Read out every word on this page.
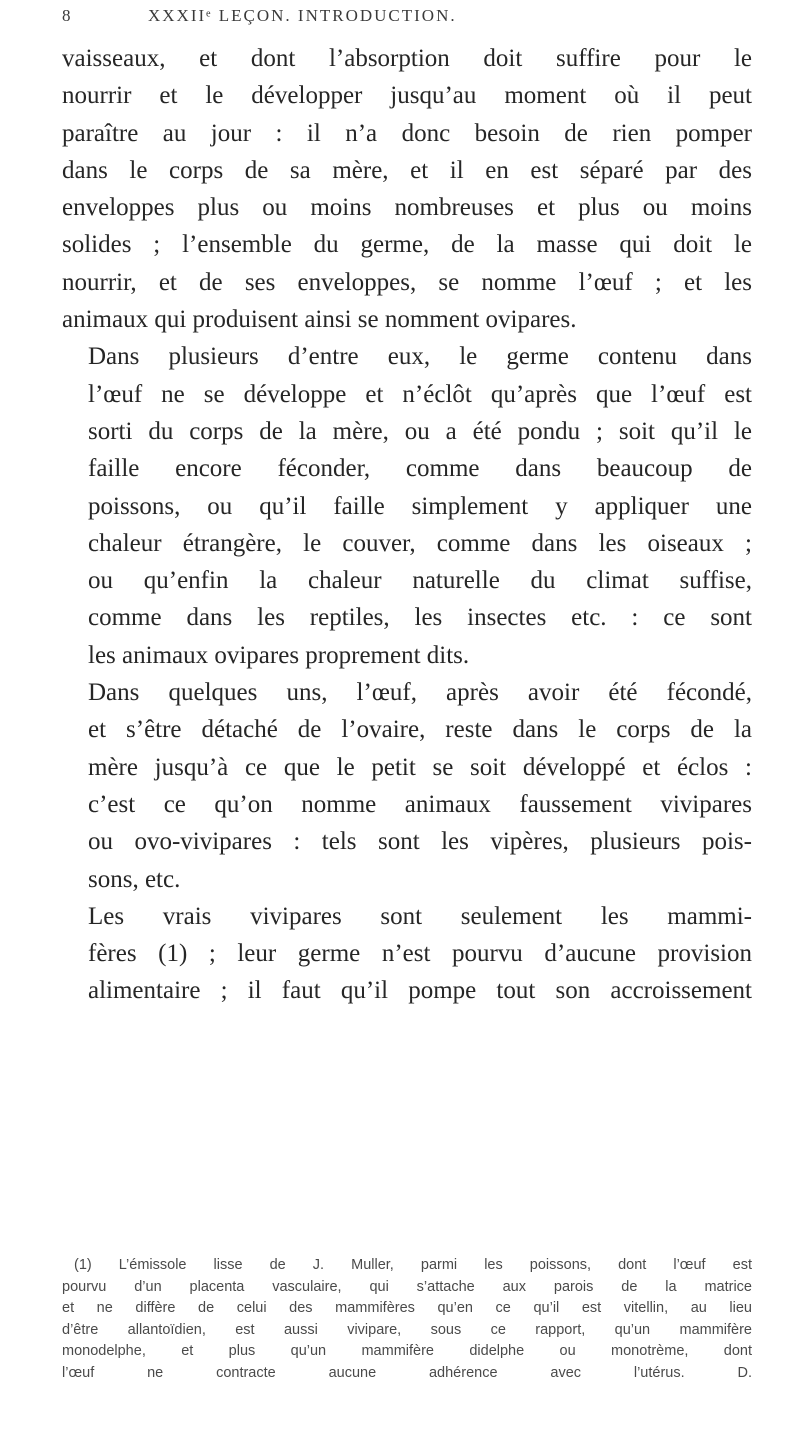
8	XXXIIᵉ LEÇON. INTRODUCTION.

vaisseaux, et dont l’absorption doit suffire pour le
nourrir et le développer jusqu’au moment où il peut
paraître au jour : il n’a donc besoin de rien pomper
dans le corps de sa mère, et il en est séparé par des
enveloppes plus ou moins nombreuses et plus ou moins
solides ; l’ensemble du germe, de la masse qui doit le
nourrir, et de ses enveloppes, se nomme l’œuf ; et les
animaux qui produisent ainsi se nomment ovipares.

Dans plusieurs d’entre eux, le germe contenu dans
l’œuf ne se développe et n’éclôt qu’après que l’œuf est
sorti du corps de la mère, ou a été pondu ; soit qu’il le
faille encore féconder, comme dans beaucoup de
poissons, ou qu’il faille simplement y appliquer une
chaleur étrangère, le couver, comme dans les oiseaux ;
ou qu’enfin la chaleur naturelle du climat suffise,
comme dans les reptiles, les insectes etc. : ce sont
les animaux ovipares proprement dits.

Dans quelques uns, l’œuf, après avoir été fécondé,
et s’être détaché de l’ovaire, reste dans le corps de la
mère jusqu’à ce que le petit se soit développé et éclos :
c’est ce qu’on nomme animaux faussement vivipares
ou ovo-vivipares : tels sont les vipères, plusieurs pois-
sons, etc.

Les vrais vivipares sont seulement les mammi-
fères (1) ; leur germe n’est pourvu d’aucune provision
alimentaire ; il faut qu’il pompe tout son accroissement

(1) L’émissole lisse de J. Muller, parmi les poissons, dont l’œuf est
pourvu d’un placenta vasculaire, qui s’attache aux parois de la matrice
et ne diffère de celui des mammifères qu’en ce qu’il est vitellin, au lieu
d’être allantoïdien, est aussi vivipare, sous ce rapport, qu’un mammifère
monodelphe, et plus qu’un mammifère didelphe ou monotrème, dont
l’œuf ne contracte aucune adhérence avec l’utérus. D.
